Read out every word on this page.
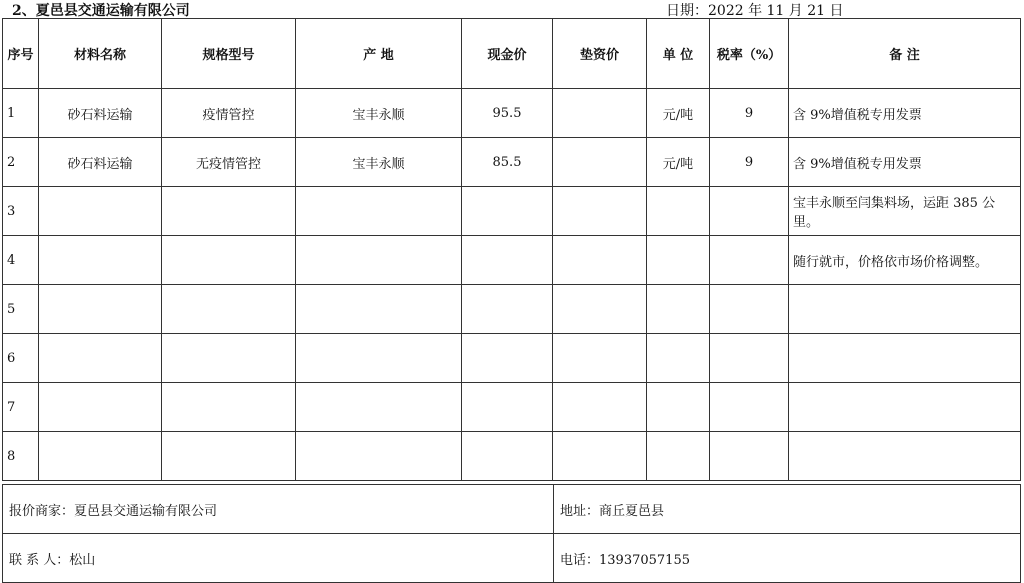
2、夏邑县交通运输有限公司	日期：2022 年 11 月 21 日
序号	材料名称	规格型号	产 地	现金价	垫资价	单 位	税率（%）	备 注
1	砂石料运输	疫情管控	宝丰永顺	95.5		元/吨	9	含 9%增值税专用发票
2	砂石料运输	无疫情管控	宝丰永顺	85.5		元/吨	9	含 9%增值税专用发票
3								宝丰永顺至闫集料场，运距 385 公里。
4								随行就市，价格依市场价格调整。
5								
6								
7								
8								
报价商家：夏邑县交通运输有限公司	地址：商丘夏邑县
联 系 人：松山	电话：13937057155
